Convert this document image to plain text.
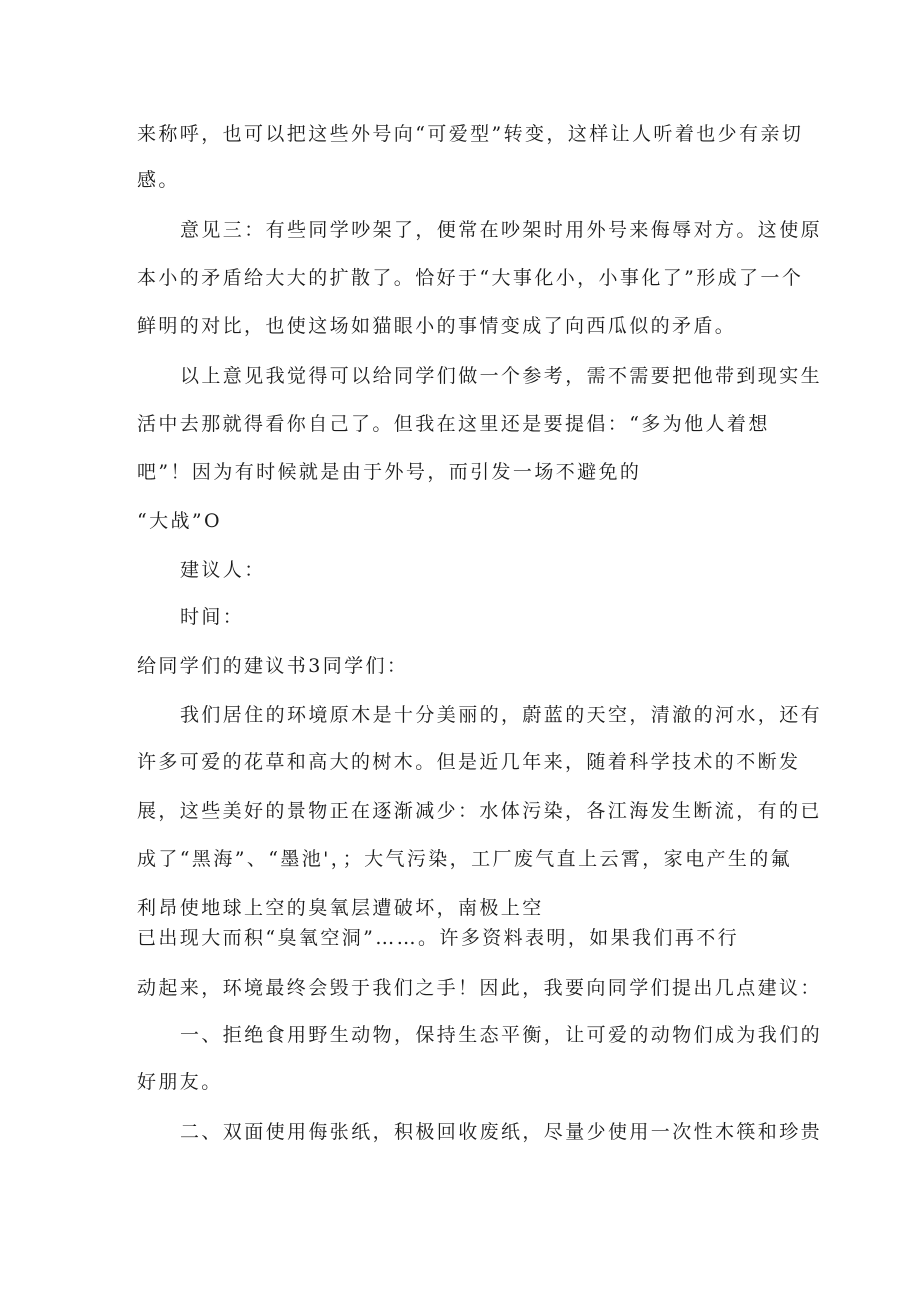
来称呼，也可以把这些外号向“可爱型”转变，这样让人听着也少有亲切
感。
意见三：有些同学吵架了，便常在吵架时用外号来侮辱对方。这使原
本小的矛盾给大大的扩散了。恰好于“大事化小，小事化了”形成了一个
鲜明的对比，也使这场如猫眼小的事情变成了向西瓜似的矛盾。
以上意见我觉得可以给同学们做一个参考，需不需要把他带到现实生
活中去那就得看你自己了。但我在这里还是要提倡：“多为他人着想
吧”！因为有时候就是由于外号，而引发一场不避免的
“大战”O
建议人：
时间：
给同学们的建议书3同学们：
我们居住的环境原木是十分美丽的，蔚蓝的天空，清澈的河水，还有
许多可爱的花草和高大的树木。但是近几年来，随着科学技术的不断发
展，这些美好的景物正在逐渐减少：水体污染，各江海发生断流，有的已
成了“黑海”、“墨池'，；大气污染，工厂废气直上云霄，家电产生的氟
利昂使地球上空的臭氧层遭破坏，南极上空
已出现大而积“臭氧空洞”……。许多资料表明，如果我们再不行
动起来，环境最终会毁于我们之手！因此，我要向同学们提出几点建议：
一、拒绝食用野生动物，保持生态平衡，让可爱的动物们成为我们的
好朋友。
二、双面使用侮张纸，积极回收废纸，尽量少使用一次性木筷和珍贵
